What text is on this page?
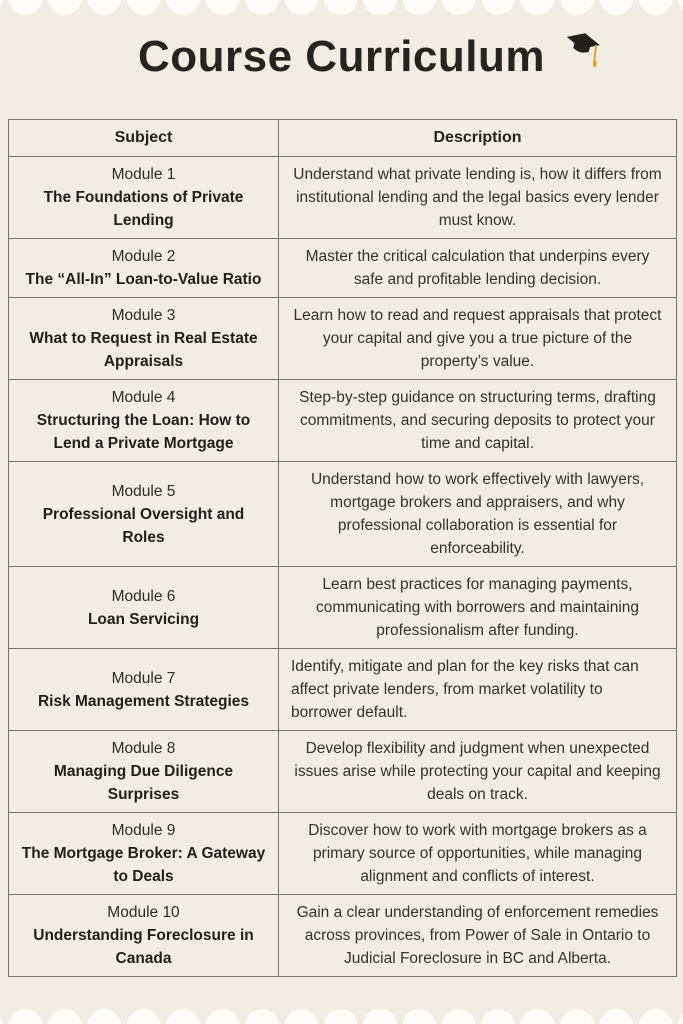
Course Curriculum
Subject	Description

Module 1
The Foundations of Private Lending	Understand what private lending is, how it differs from institutional lending and the legal basics every lender must know.

Module 2
The “All-In” Loan-to-Value Ratio	Master the critical calculation that underpins every safe and profitable lending decision.

Module 3
What to Request in Real Estate Appraisals	Learn how to read and request appraisals that protect your capital and give you a true picture of the property’s value.

Module 4
Structuring the Loan: How to Lend a Private Mortgage	Step-by-step guidance on structuring terms, drafting commitments, and securing deposits to protect your time and capital.

Module 5
Professional Oversight and Roles	Understand how to work effectively with lawyers, mortgage brokers and appraisers, and why professional collaboration is essential for enforceability.

Module 6
Loan Servicing	Learn best practices for managing payments, communicating with borrowers and maintaining professionalism after funding.

Module 7
Risk Management Strategies	Identify, mitigate and plan for the key risks that can affect private lenders, from market volatility to borrower default.

Module 8
Managing Due Diligence Surprises	Develop flexibility and judgment when unexpected issues arise while protecting your capital and keeping deals on track.

Module 9
The Mortgage Broker: A Gateway to Deals	Discover how to work with mortgage brokers as a primary source of opportunities, while managing alignment and conflicts of interest.

Module 10
Understanding Foreclosure in Canada	Gain a clear understanding of enforcement remedies across provinces, from Power of Sale in Ontario to Judicial Foreclosure in BC and Alberta.
